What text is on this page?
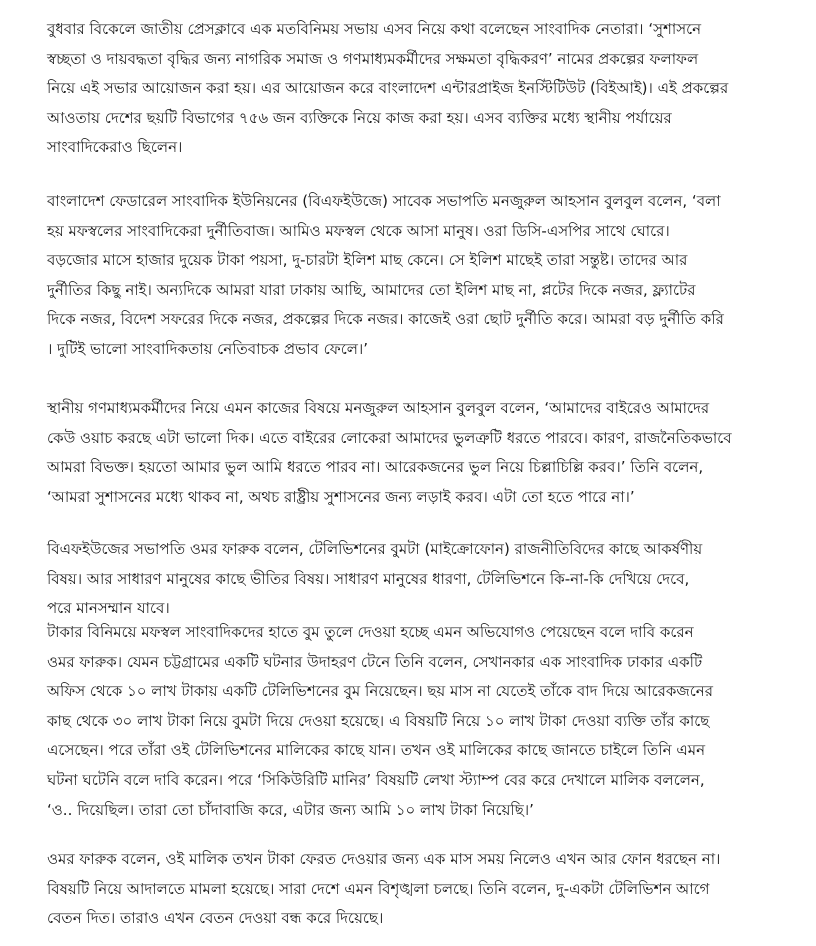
বুধবার বিকেলে জাতীয় প্রেসক্লাবে এক মতবিনিময় সভায় এসব নিয়ে কথা বলেছেন সাংবাদিক নেতারা। ‘সুশাসনে
স্বচ্ছতা ও দায়বদ্ধতা বৃদ্ধির জন্য নাগরিক সমাজ ও গণমাধ্যমকর্মীদের সক্ষমতা বৃদ্ধিকরণ’ নামের প্রকল্পের ফলাফল
নিয়ে এই সভার আয়োজন করা হয়। এর আয়োজন করে বাংলাদেশ এন্টারপ্রাইজ ইনস্টিটিউট (বিইআই)। এই প্রকল্পের
আওতায় দেশের ছয়টি বিভাগের ৭৫৬ জন ব্যক্তিকে নিয়ে কাজ করা হয়। এসব ব্যক্তির মধ্যে স্থানীয় পর্যায়ের
সাংবাদিকেরাও ছিলেন।

বাংলাদেশ ফেডারেল সাংবাদিক ইউনিয়নের (বিএফইউজে) সাবেক সভাপতি মনজুরুল আহসান বুলবুল বলেন, ‘বলা
হয় মফস্বলের সাংবাদিকেরা দুর্নীতিবাজ। আমিও মফস্বল থেকে আসা মানুষ। ওরা ডিসি-এসপির সাথে ঘোরে।
বড়জোর মাসে হাজার দুয়েক টাকা পয়সা, দু-চারটা ইলিশ মাছ কেনে। সে ইলিশ মাছেই তারা সন্তুষ্ট। তাদের আর
দুর্নীতির কিছু নাই। অন্যদিকে আমরা যারা ঢাকায় আছি, আমাদের তো ইলিশ মাছ না, প্লটের দিকে নজর, ফ্ল্যাটের
দিকে নজর, বিদেশ সফরের দিকে নজর, প্রকল্পের দিকে নজর। কাজেই ওরা ছোট দুর্নীতি করে। আমরা বড় দুর্নীতি করি
। দুটিই ভালো সাংবাদিকতায় নেতিবাচক প্রভাব ফেলে।’

স্থানীয় গণমাধ্যমকর্মীদের নিয়ে এমন কাজের বিষয়ে মনজুরুল আহসান বুলবুল বলেন, ‘আমাদের বাইরেও আমাদের
কেউ ওয়াচ করছে এটা ভালো দিক। এতে বাইরের লোকেরা আমাদের ভুলত্রুটি ধরতে পারবে। কারণ, রাজনৈতিকভাবে
আমরা বিভক্ত। হয়তো আমার ভুল আমি ধরতে পারব না। আরেকজনের ভুল নিয়ে চিল্লাচিল্লি করব।’ তিনি বলেন,
‘আমরা সুশাসনের মধ্যে থাকব না, অথচ রাষ্ট্রীয় সুশাসনের জন্য লড়াই করব। এটা তো হতে পারে না।’

বিএফইউজের সভাপতি ওমর ফারুক বলেন, টেলিভিশনের বুমটা (মাইক্রোফোন) রাজনীতিবিদের কাছে আকর্ষণীয়
বিষয়। আর সাধারণ মানুষের কাছে ভীতির বিষয়। সাধারণ মানুষের ধারণা, টেলিভিশনে কি-না-কি দেখিয়ে দেবে,
পরে মানসম্মান যাবে।

টাকার বিনিময়ে মফস্বল সাংবাদিকদের হাতে বুম তুলে দেওয়া হচ্ছে এমন অভিযোগও পেয়েছেন বলে দাবি করেন
ওমর ফারুক। যেমন চট্টগ্রামের একটি ঘটনার উদাহরণ টেনে তিনি বলেন, সেখানকার এক সাংবাদিক ঢাকার একটি
অফিস থেকে ১০ লাখ টাকায় একটি টেলিভিশনের বুম নিয়েছেন। ছয় মাস না যেতেই তাঁকে বাদ দিয়ে আরেকজনের
কাছ থেকে ৩০ লাখ টাকা নিয়ে বুমটা দিয়ে দেওয়া হয়েছে। এ বিষয়টি নিয়ে ১০ লাখ টাকা দেওয়া ব্যক্তি তাঁর কাছে
এসেছেন। পরে তাঁরা ওই টেলিভিশনের মালিকের কাছে যান। তখন ওই মালিকের কাছে জানতে চাইলে তিনি এমন
ঘটনা ঘটেনি বলে দাবি করেন। পরে ‘সিকিউরিটি মানির’ বিষয়টি লেখা স্ট্যাম্প বের করে দেখালে মালিক বললেন,
‘ও.. দিয়েছিল। তারা তো চাঁদাবাজি করে, এটার জন্য আমি ১০ লাখ টাকা নিয়েছি।’

ওমর ফারুক বলেন, ওই মালিক তখন টাকা ফেরত দেওয়ার জন্য এক মাস সময় নিলেও এখন আর ফোন ধরছেন না।
বিষয়টি নিয়ে আদালতে মামলা হয়েছে। সারা দেশে এমন বিশৃঙ্খলা চলছে। তিনি বলেন, দু-একটা টেলিভিশন আগে
বেতন দিত। তারাও এখন বেতন দেওয়া বন্ধ করে দিয়েছে।
